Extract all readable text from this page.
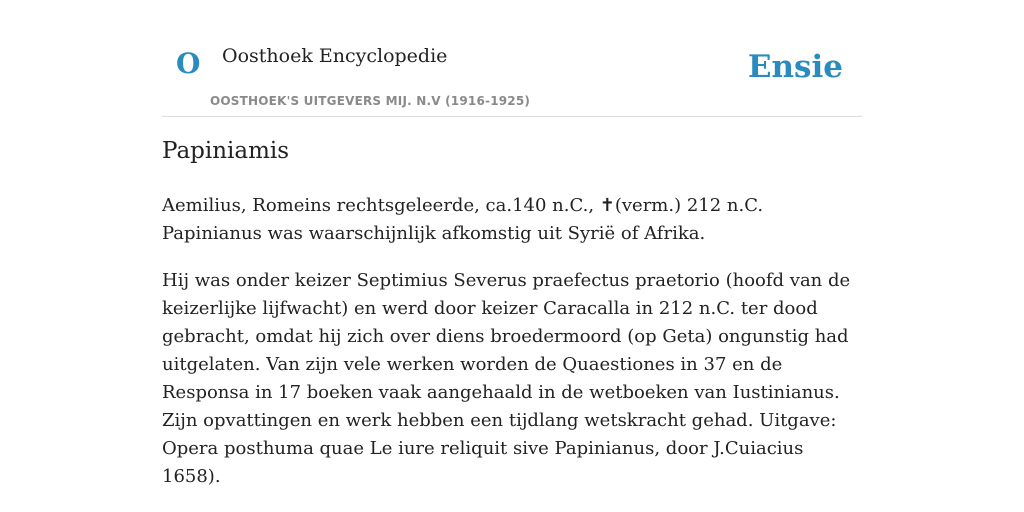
O Oosthoek Encyclopedie
OOSTHOEK'S UITGEVERS MIJ. N.V (1916-1925)
Ensie
Papiniamis

Aemilius, Romeins rechtsgeleerde, ca.140 n.C., ✝(verm.) 212 n.C. Papinianus was waarschijnlijk afkomstig uit Syrië of Afrika.

Hij was onder keizer Septimius Severus praefectus praetorio (hoofd van de keizerlijke lijfwacht) en werd door keizer Caracalla in 212 n.C. ter dood gebracht, omdat hij zich over diens broedermoord (op Geta) ongunstig had uitgelaten. Van zijn vele werken worden de Quaestiones in 37 en de Responsa in 17 boeken vaak aangehaald in de wetboeken van Iustinianus. Zijn opvattingen en werk hebben een tijdlang wetskracht gehad. Uitgave: Opera posthuma quae Le iure reliquit sive Papinianus, door J.Cuiacius 1658).
